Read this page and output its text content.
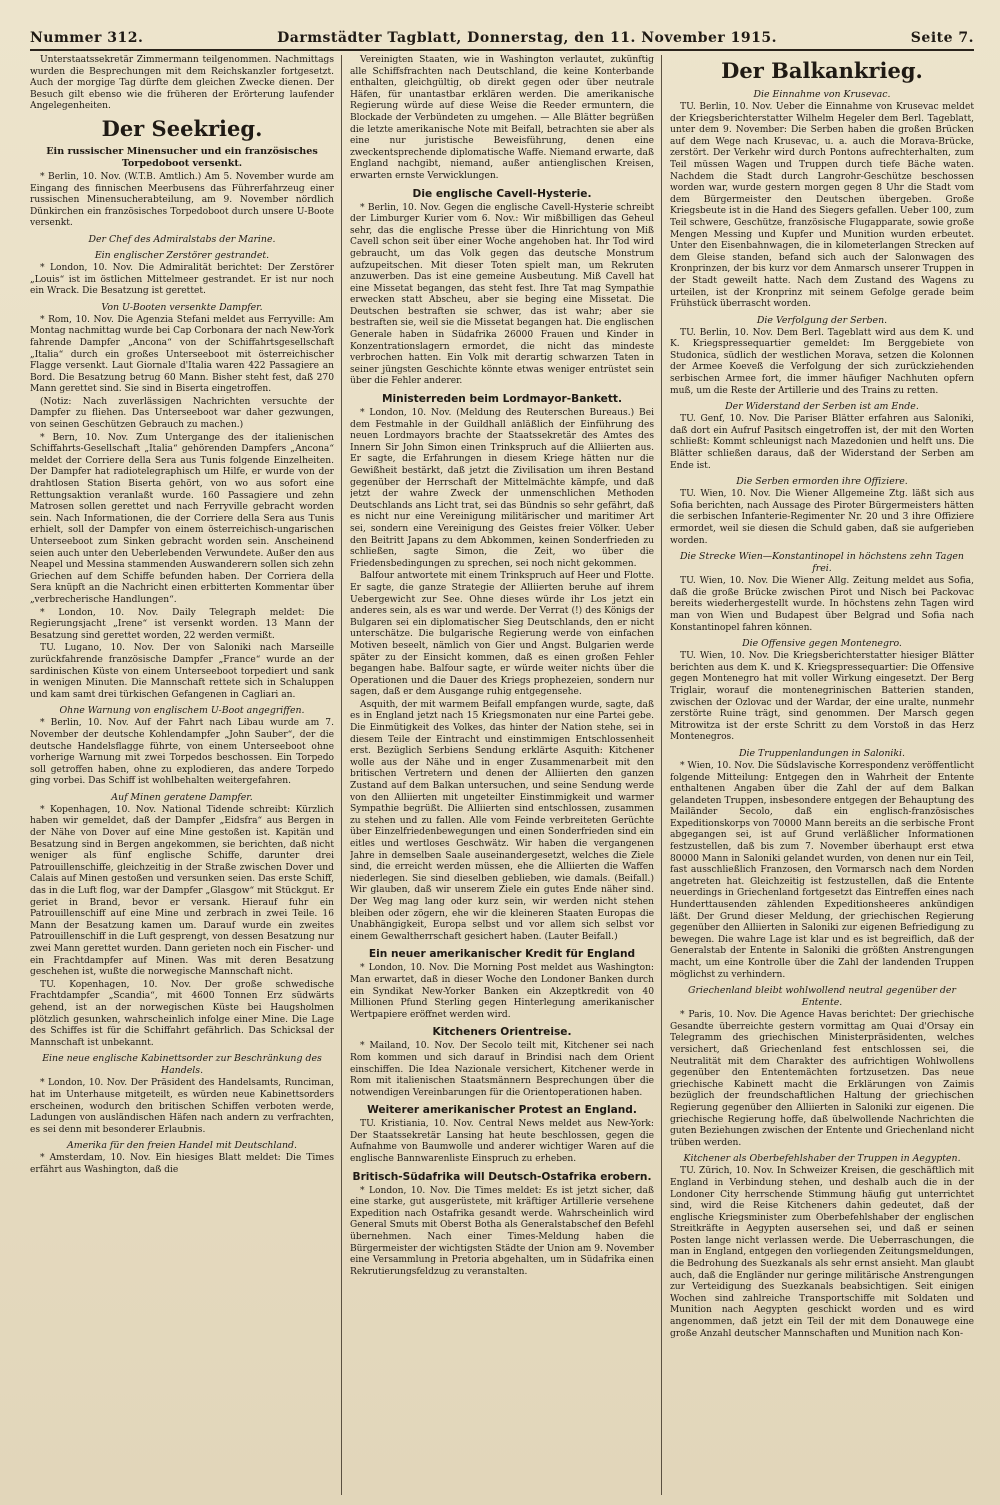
Nummer 312.	Darmstädter Tagblatt, Donnerstag, den 11. November 1915.	Seite 7.

Unterstaatssekretär Zimmermann teilgenommen. Nachmittags wurden die Besprechungen mit dem Reichskanzler fortgesetzt. Auch der morgige Tag dürfte dem gleichen Zwecke dienen. Der Besuch gilt ebenso wie die früheren der Erörterung laufender Angelegenheiten.

Der Seekrieg.
Ein russischer Minensucher und ein französisches Torpedoboot versenkt.

* Berlin, 10. Nov. (W.T.B. Amtlich.) Am 5. November wurde am Eingang des finnischen Meerbusens das Führerfahrzeug einer russischen Minensucherabteilung, am 9. November nördlich Dünkirchen ein französisches Torpedoboot durch unsere U-Boote versenkt.

Der Chef des Admiralstabs der Marine.
Ein englischer Zerstörer gestrandet.

* London, 10. Nov. Die Admiralität berichtet: Der Zerstörer „Louis“ ist im östlichen Mittelmeer gestrandet. Er ist nur noch ein Wrack. Die Besatzung ist gerettet.

Von U-Booten versenkte Dampfer.

* Rom, 10. Nov. Die Agenzia Stefani meldet aus Ferryville: Am Montag nachmittag wurde bei Cap Corbonara der nach New-York fahrende Dampfer „Ancona“ von der Schiffahrtsgesellschaft „Italia“ durch ein großes Unterseeboot mit österreichischer Flagge versenkt. Laut Giornale d'Italia waren 422 Passagiere an Bord. Die Besatzung betrug 60 Mann. Bisher steht fest, daß 270 Mann gerettet sind. Sie sind in Biserta eingetroffen.

(Notiz: Nach zuverlässigen Nachrichten versuchte der Dampfer zu fliehen. Das Unterseeboot war daher gezwungen, von seinen Geschützen Gebrauch zu machen.)

* Bern, 10. Nov. Zum Untergange des der italienischen Schiffahrts-Gesellschaft „Italia“ gehörenden Dampfers „Ancona“ meldet der Corriere della Sera aus Tunis folgende Einzelheiten. Der Dampfer hat radiotelegraphisch um Hilfe, er wurde von der drahtlosen Station Biserta gehört, von wo aus sofort eine Rettungsaktion veranlaßt wurde. 160 Passagiere und zehn Matrosen sollen gerettet und nach Ferryville gebracht worden sein. Nach Informationen, die der Corriere della Sera aus Tunis erhielt, soll der Dampfer von einem österreichisch-ungarischen Unterseeboot zum Sinken gebracht worden sein. Anscheinend seien auch unter den Ueberlebenden Verwundete. Außer den aus Neapel und Messina stammenden Auswanderern sollen sich zehn Griechen auf dem Schiffe befunden haben. Der Corriera della Sera knüpft an die Nachricht einen erbitterten Kommentar über „verbrecherische Handlungen“.

* London, 10. Nov. Daily Telegraph meldet: Die Regierungsjacht „Irene“ ist versenkt worden. 13 Mann der Besatzung sind gerettet worden, 22 werden vermißt.

TU. Lugano, 10. Nov. Der von Saloniki nach Marseille zurückfahrende französische Dampfer „France“ wurde an der sardinischen Küste von einem Unterseeboot torpediert und sank in wenigen Minuten. Die Mannschaft rettete sich in Schaluppen und kam samt drei türkischen Gefangenen in Cagliari an.

Ohne Warnung von englischem U-Boot angegriffen.

* Berlin, 10. Nov. Auf der Fahrt nach Libau wurde am 7. November der deutsche Kohlendampfer „John Sauber“, der die deutsche Handelsflagge führte, von einem Unterseeboot ohne vorherige Warnung mit zwei Torpedos beschossen. Ein Torpedo soll getroffen haben, ohne zu explodieren, das andere Torpedo ging vorbei. Das Schiff ist wohlbehalten weitergefahren.

Auf Minen geratene Dampfer.

* Kopenhagen, 10. Nov. National Tidende schreibt: Kürzlich haben wir gemeldet, daß der Dampfer „Eidsfra“ aus Bergen in der Nähe von Dover auf eine Mine gestoßen ist. Kapitän und Besatzung sind in Bergen angekommen, sie berichten, daß nicht weniger als fünf englische Schiffe, darunter drei Patrouillenschiffe, gleichzeitig in der Straße zwischen Dover und Calais auf Minen gestoßen und versunken seien. Das erste Schiff, das in die Luft flog, war der Dampfer „Glasgow“ mit Stückgut. Er geriet in Brand, bevor er versank. Hierauf fuhr ein Patrouillenschiff auf eine Mine und zerbrach in zwei Teile. 16 Mann der Besatzung kamen um. Darauf wurde ein zweites Patrouillenschiff in die Luft gesprengt, von dessen Besatzung nur zwei Mann gerettet wurden. Dann gerieten noch ein Fischer- und ein Frachtdampfer auf Minen. Was mit deren Besatzung geschehen ist, wußte die norwegische Mannschaft nicht.

TU. Kopenhagen, 10. Nov. Der große schwedische Frachtdampfer „Scandia“, mit 4600 Tonnen Erz südwärts gehend, ist an der norwegischen Küste bei Haugsholmen plötzlich gesunken, wahrscheinlich infolge einer Mine. Die Lage des Schiffes ist für die Schiffahrt gefährlich. Das Schicksal der Mannschaft ist unbekannt.

Eine neue englische Kabinettsorder zur Beschränkung des Handels.

* London, 10. Nov. Der Präsident des Handelsamts, Runciman, hat im Unterhause mitgeteilt, es würden neue Kabinettsorders erscheinen, wodurch den britischen Schiffen verboten werde, Ladungen von ausländischen Häfen nach andern zu verfrachten, es sei denn mit besonderer Erlaubnis.

Amerika für den freien Handel mit Deutschland.

* Amsterdam, 10. Nov. Ein hiesiges Blatt meldet: Die Times erfährt aus Washington, daß die

Vereinigten Staaten, wie in Washington verlautet, zukünftig alle Schiffsfrachten nach Deutschland, die keine Konterbande enthalten, gleichgültig, ob direkt gegen oder über neutrale Häfen, für unantastbar erklären werden. Die amerikanische Regierung würde auf diese Weise die Reeder ermuntern, die Blockade der Verbündeten zu umgehen. — Alle Blätter begrüßen die letzte amerikanische Note mit Beifall, betrachten sie aber als eine nur juristische Beweisführung, denen eine zweckentsprechende diplomatische Waffe. Niemand erwarte, daß England nachgibt, niemand, außer antienglischen Kreisen, erwarten ernste Verwicklungen.

Die englische Cavell-Hysterie.

* Berlin, 10. Nov. Gegen die englische Cavell-Hysterie schreibt der Limburger Kurier vom 6. Nov.: Wir mißbilligen das Geheul sehr, das die englische Presse über die Hinrichtung von Miß Cavell schon seit über einer Woche angehoben hat. Ihr Tod wird gebraucht, um das Volk gegen das deutsche Monstrum aufzupeitschen. Mit dieser Toten spielt man, um Rekruten anzuwerben. Das ist eine gemeine Ausbeutung. Miß Cavell hat eine Missetat begangen, das steht fest. Ihre Tat mag Sympathie erwecken statt Abscheu, aber sie beging eine Missetat. Die Deutschen bestraften sie schwer, das ist wahr; aber sie bestraften sie, weil sie die Missetat begangen hat. Die englischen Generale haben in Südafrika 26000 Frauen und Kinder in Konzentrationslagern ermordet, die nicht das mindeste verbrochen hatten. Ein Volk mit derartig schwarzen Taten in seiner jüngsten Geschichte könnte etwas weniger entrüstet sein über die Fehler anderer.

Ministerreden beim Lordmayor-Bankett.

* London, 10. Nov. (Meldung des Reuterschen Bureaus.) Bei dem Festmahle in der Guildhall anläßlich der Einführung des neuen Lordmayors brachte der Staatssekretär des Amtes des Innern Sir John Simon einen Trinkspruch auf die Alliierten aus. Er sagte, die Erfahrungen in diesem Kriege hätten nur die Gewißheit bestärkt, daß jetzt die Zivilisation um ihren Bestand gegenüber der Herrschaft der Mittelmächte kämpfe, und daß jetzt der wahre Zweck der unmenschlichen Methoden Deutschlands ans Licht trat, sei das Bündnis so sehr gefährt, daß es nicht nur eine Vereinigung militärischer und maritimer Art sei, sondern eine Vereinigung des Geistes freier Völker. Ueber den Beitritt Japans zu dem Abkommen, keinen Sonderfrieden zu schließen, sagte Simon, die Zeit, wo über die Friedensbedingungen zu sprechen, sei noch nicht gekommen.

Balfour antwortete mit einem Trinkspruch auf Heer und Flotte. Er sagte, die ganze Strategie der Alliierten beruhe auf ihrem Uebergewicht zur See. Ohne dieses würde ihr Los jetzt ein anderes sein, als es war und werde. Der Verrat (!) des Königs der Bulgaren sei ein diplomatischer Sieg Deutschlands, den er nicht unterschätze. Die bulgarische Regierung werde von einfachen Motiven beseelt, nämlich von Gier und Angst. Bulgarien werde später zu der Einsicht kommen, daß es einen großen Fehler begangen habe. Balfour sagte, er würde weiter nichts über die Operationen und die Dauer des Kriegs prophezeien, sondern nur sagen, daß er dem Ausgange ruhig entgegensehe.

Asquith, der mit warmem Beifall empfangen wurde, sagte, daß es in England jetzt nach 15 Kriegsmonaten nur eine Partei gebe. Die Einmütigkeit des Volkes, das hinter der Nation stehe, sei in diesem Teile der Eintracht und einstimmigen Entschlossenheit erst. Bezüglich Serbiens Sendung erklärte Asquith: Kitchener wolle aus der Nähe und in enger Zusammenarbeit mit den britischen Vertretern und denen der Alliierten den ganzen Zustand auf dem Balkan untersuchen, und seine Sendung werde von den Alliierten mit ungeteilter Einstimmigkeit und warmer Sympathie begrüßt. Die Alliierten sind entschlossen, zusammen zu stehen und zu fallen. Alle vom Feinde verbreiteten Gerüchte über Einzelfriedenbewegungen und einen Sonderfrieden sind ein eitles und wertloses Geschwätz. Wir haben die vergangenen Jahre in demselben Saale auseinandergesetzt, welches die Ziele sind, die erreicht werden müssen, ehe die Alliierten die Waffen niederlegen. Sie sind dieselben geblieben, wie damals. (Beifall.) Wir glauben, daß wir unserem Ziele ein gutes Ende näher sind. Der Weg mag lang oder kurz sein, wir werden nicht stehen bleiben oder zögern, ehe wir die kleineren Staaten Europas die Unabhängigkeit, Europa selbst und vor allem sich selbst vor einem Gewaltherrschaft gesichert haben. (Lauter Beifall.)

Ein neuer amerikanischer Kredit für England

* London, 10. Nov. Die Morning Post meldet aus Washington: Man erwartet, daß in dieser Woche den Londoner Banken durch ein Syndikat New-Yorker Banken ein Akzeptkredit von 40 Millionen Pfund Sterling gegen Hinterlegung amerikanischer Wertpapiere eröffnet werden wird.

Kitcheners Orientreise.

* Mailand, 10. Nov. Der Secolo teilt mit, Kitchener sei nach Rom kommen und sich darauf in Brindisi nach dem Orient einschiffen. Die Idea Nazionale versichert, Kitchener werde in Rom mit italienischen Staatsmännern Besprechungen über die notwendigen Vereinbarungen für die Orientoperationen haben.

Weiterer amerikanischer Protest an England.

TU. Kristiania, 10. Nov. Central News meldet aus New-York: Der Staatssekretär Lansing hat heute beschlossen, gegen die Aufnahme von Baumwolle und anderer wichtiger Waren auf die englische Bannwarenliste Einspruch zu erheben.

Britisch-Südafrika will Deutsch-Ostafrika erobern.

* London, 10. Nov. Die Times meldet: Es ist jetzt sicher, daß eine starke, gut ausgerüstete, mit kräftiger Artillerie versehene Expedition nach Ostafrika gesandt werde. Wahrscheinlich wird General Smuts mit Oberst Botha als Generalstabschef den Befehl übernehmen. Nach einer Times-Meldung haben die Bürgermeister der wichtigsten Städte der Union am 9. November eine Versammlung in Pretoria abgehalten, um in Südafrika einen Rekrutierungsfeldzug zu veranstalten.

Der Balkankrieg.
Die Einnahme von Krusevac.

TU. Berlin, 10. Nov. Ueber die Einnahme von Krusevac meldet der Kriegsberichterstatter Wilhelm Hegeler dem Berl. Tageblatt, unter dem 9. November: Die Serben haben die großen Brücken auf dem Wege nach Krusevac, u. a. auch die Morava-Brücke, zerstört. Der Verkehr wird durch Pontons aufrechterhalten, zum Teil müssen Wagen und Truppen durch tiefe Bäche waten. Nachdem die Stadt durch Langrohr-Geschütze beschossen worden war, wurde gestern morgen gegen 8 Uhr die Stadt vom dem Bürgermeister den Deutschen übergeben. Große Kriegsbeute ist in die Hand des Siegers gefallen. Ueber 100, zum Teil schwere, Geschütze, französische Flugapparate, sowie große Mengen Messing und Kupfer und Munition wurden erbeutet. Unter den Eisenbahnwagen, die in kilometerlangen Strecken auf dem Gleise standen, befand sich auch der Salonwagen des Kronprinzen, der bis kurz vor dem Anmarsch unserer Truppen in der Stadt geweilt hatte. Nach dem Zustand des Wagens zu urteilen, ist der Kronprinz mit seinem Gefolge gerade beim Frühstück überrascht worden.

Die Verfolgung der Serben.

TU. Berlin, 10. Nov. Dem Berl. Tageblatt wird aus dem K. und K. Kriegspressequartier gemeldet: Im Berggebiete von Studonica, südlich der westlichen Morava, setzen die Kolonnen der Armee Koeveß die Verfolgung der sich zurückziehenden serbischen Armee fort, die immer häufiger Nachhuten opfern muß, um die Reste der Artillerie und des Trains zu retten.

Der Widerstand der Serben ist am Ende.

TU. Genf, 10. Nov. Die Pariser Blätter erfahren aus Saloniki, daß dort ein Aufruf Pasitsch eingetroffen ist, der mit den Worten schließt: Kommt schleunigst nach Mazedonien und helft uns. Die Blätter schließen daraus, daß der Widerstand der Serben am Ende ist.

Die Serben ermorden ihre Offiziere.

TU. Wien, 10. Nov. Die Wiener Allgemeine Ztg. läßt sich aus Sofia berichten, nach Aussage des Piroter Bürgermeisters hätten die serbischen Infanterie-Regimenter Nr. 20 und 3 ihre Offiziere ermordet, weil sie diesen die Schuld gaben, daß sie aufgerieben worden.

Die Strecke Wien—Konstantinopel in höchstens zehn Tagen frei.

TU. Wien, 10. Nov. Die Wiener Allg. Zeitung meldet aus Sofia, daß die große Brücke zwischen Pirot und Nisch bei Packovac bereits wiederhergestellt wurde. In höchstens zehn Tagen wird man von Wien und Budapest über Belgrad und Sofia nach Konstantinopel fahren können.

Die Offensive gegen Montenegro.

TU. Wien, 10. Nov. Die Kriegsberichterstatter hiesiger Blätter berichten aus dem K. und K. Kriegspressequartier: Die Offensive gegen Montenegro hat mit voller Wirkung eingesetzt. Der Berg Triglair, worauf die montenegrinischen Batterien standen, zwischen der Ozlovac und der Wardar, der eine uralte, nunmehr zerstörte Ruine trägt, sind genommen. Der Marsch gegen Mitrowitza ist der erste Schritt zu dem Vorstoß in das Herz Montenegros.

Die Truppenlandungen in Saloniki.

* Wien, 10. Nov. Die Südslavische Korrespondenz veröffentlicht folgende Mitteilung: Entgegen den in Wahrheit der Entente enthaltenen Angaben über die Zahl der auf dem Balkan gelandeten Truppen, insbesondere entgegen der Behauptung des Mailänder Secolo, daß ein englisch-französisches Expeditionskorps von 70000 Mann bereits an die serbische Front abgegangen sei, ist auf Grund verläßlicher Informationen festzustellen, daß bis zum 7. November überhaupt erst etwa 80000 Mann in Saloniki gelandet wurden, von denen nur ein Teil, fast ausschließlich Franzosen, den Vormarsch nach dem Norden angetreten hat. Gleichzeitig ist festzustellen, daß die Entente neuerdings in Griechenland fortgesetzt das Eintreffen eines nach Hunderttausenden zählenden Expeditionsheeres ankündigen läßt. Der Grund dieser Meldung, der griechischen Regierung gegenüber den Alliierten in Saloniki zur eigenen Befriedigung zu bewegen. Die wahre Lage ist klar und es ist begreiflich, daß der Generalstab der Entente in Saloniki die größten Anstrengungen macht, um eine Kontrolle über die Zahl der landenden Truppen möglichst zu verhindern.

Griechenland bleibt wohlwollend neutral gegenüber der Entente.

* Paris, 10. Nov. Die Agence Havas berichtet: Der griechische Gesandte überreichte gestern vormittag am Quai d'Orsay ein Telegramm des griechischen Ministerpräsidenten, welches versichert, daß Griechenland fest entschlossen sei, die Neutralität mit dem Charakter des aufrichtigen Wohlwollens gegenüber den Ententemächten fortzusetzen. Das neue griechische Kabinett macht die Erklärungen von Zaimis bezüglich der freundschaftlichen Haltung der griechischen Regierung gegenüber den Alliierten in Saloniki zur eigenen. Die griechische Regierung hoffe, daß übelwollende Nachrichten die guten Beziehungen zwischen der Entente und Griechenland nicht trüben werden.

Kitchener als Oberbefehlshaber der Truppen in Aegypten.

TU. Zürich, 10. Nov. In Schweizer Kreisen, die geschäftlich mit England in Verbindung stehen, und deshalb auch die in der Londoner City herrschende Stimmung häufig gut unterrichtet sind, wird die Reise Kitcheners dahin gedeutet, daß der englische Kriegsminister zum Oberbefehlshaber der englischen Streitkräfte in Aegypten ausersehen sei, und daß er seinen Posten lange nicht verlassen werde. Die Ueberraschungen, die man in England, entgegen den vorliegenden Zeitungsmeldungen, die Bedrohung des Suezkanals als sehr ernst ansieht. Man glaubt auch, daß die Engländer nur geringe militärische Anstrengungen zur Verteidigung des Suezkanals beabsichtigen. Seit einigen Wochen sind zahlreiche Transportschiffe mit Soldaten und Munition nach Aegypten geschickt worden und es wird angenommen, daß jetzt ein Teil der mit dem Donauwege eine große Anzahl deutscher Mannschaften und Munition nach Kon-
